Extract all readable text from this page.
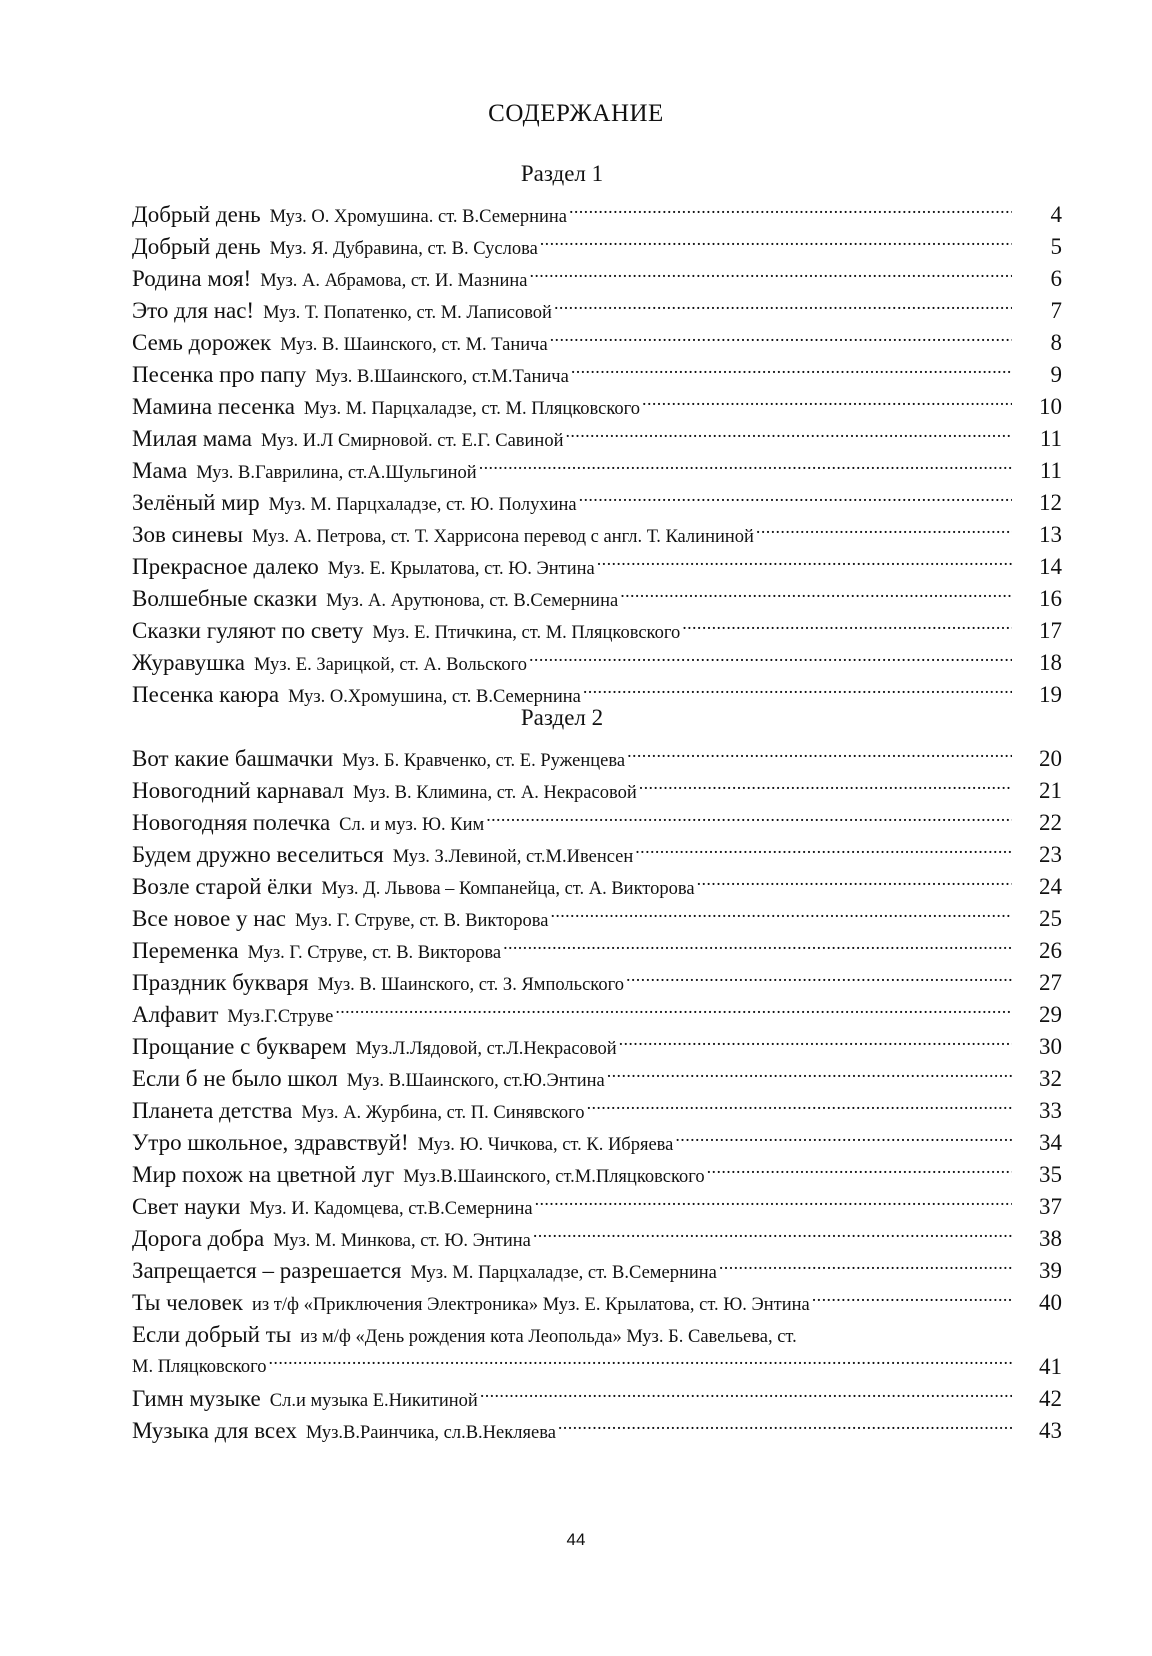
СОДЕРЖАНИЕ
Раздел 1
Добрый день Муз. О. Хромушина. ст. В.Семернина .....	4
Добрый день Муз. Я. Дубравина, ст. В. Суслова .....	5
Родина моя! Муз. А. Абрамова, ст. И. Мазнина .....	6
Это для нас! Муз. Т. Попатенко, ст. М. Лаписовой .....	7
Семь дорожек Муз. В. Шаинского, ст. М. Танича .....	8
Песенка про папу Муз. В.Шаинского, ст.М.Танича .....	9
Мамина песенка Муз. М. Парцхаладзе, ст. М. Пляцковского .....	10
Милая мама Муз. И.Л Смирновой. ст. Е.Г. Савиной .....	11
Мама Муз. В.Гаврилина, ст.А.Шульгиной .....	11
Зелёный мир Муз. М. Парцхаладзе, ст. Ю. Полухина .....	12
Зов синевы Муз. А. Петрова, ст. Т. Харрисона перевод с англ. Т. Калининой .....	13
Прекрасное далеко Муз. Е. Крылатова, ст. Ю. Энтина .....	14
Волшебные сказки Муз. А. Арутюнова, ст. В.Семернина .....	16
Сказки гуляют по свету Муз. Е. Птичкина, ст. М. Пляцковского .....	17
Журавушка Муз. Е. Зарицкой, ст. А. Вольского .....	18
Песенка каюра Муз. О.Хромушина, ст. В.Семернина .....	19
Раздел 2
Вот какие башмачки Муз. Б. Кравченко, ст. Е. Руженцева .....	20
Новогодний карнавал Муз. В. Климина, ст. А. Некрасовой .....	21
Новогодняя полечка Сл. и муз. Ю. Ким .....	22
Будем дружно веселиться Муз. З.Левиной, ст.М.Ивенсен .....	23
Возле старой ёлки Муз. Д. Львова – Компанейца, ст. А. Викторова .....	24
Все новое у нас Муз. Г. Струве, ст. В. Викторова .....	25
Переменка Муз. Г. Струве, ст. В. Викторова .....	26
Праздник букваря Муз. В. Шаинского, ст. З. Ямпольского .....	27
Алфавит Муз.Г.Струве .....	29
Прощание с букварем Муз.Л.Лядовой, ст.Л.Некрасовой .....	30
Если б не было школ Муз. В.Шаинского, ст.Ю.Энтина .....	32
Планета детства Муз. А. Журбина, ст. П. Синявского .....	33
Утро школьное, здравствуй! Муз. Ю. Чичкова, ст. К. Ибряева .....	34
Мир похож на цветной луг Муз.В.Шаинского, ст.М.Пляцковского .....	35
Свет науки Муз. И. Кадомцева, ст.В.Семернина .....	37
Дорога добра Муз. М. Минкова, ст. Ю. Энтина .....	38
Запрещается – разрешается Муз. М. Парцхаладзе, ст. В.Семернина .....	39
Ты человек из т/ф «Приключения Электроника» Муз. Е. Крылатова, ст. Ю. Энтина .....	40
Если добрый ты из м/ф «День рождения кота Леопольда» Муз. Б. Савельева, ст.
М. Пляцковского .....	41
Гимн музыке Сл.и музыка Е.Никитиной .....	42
Музыка для всех Муз.В.Раинчика, сл.В.Некляева .....	43
44
